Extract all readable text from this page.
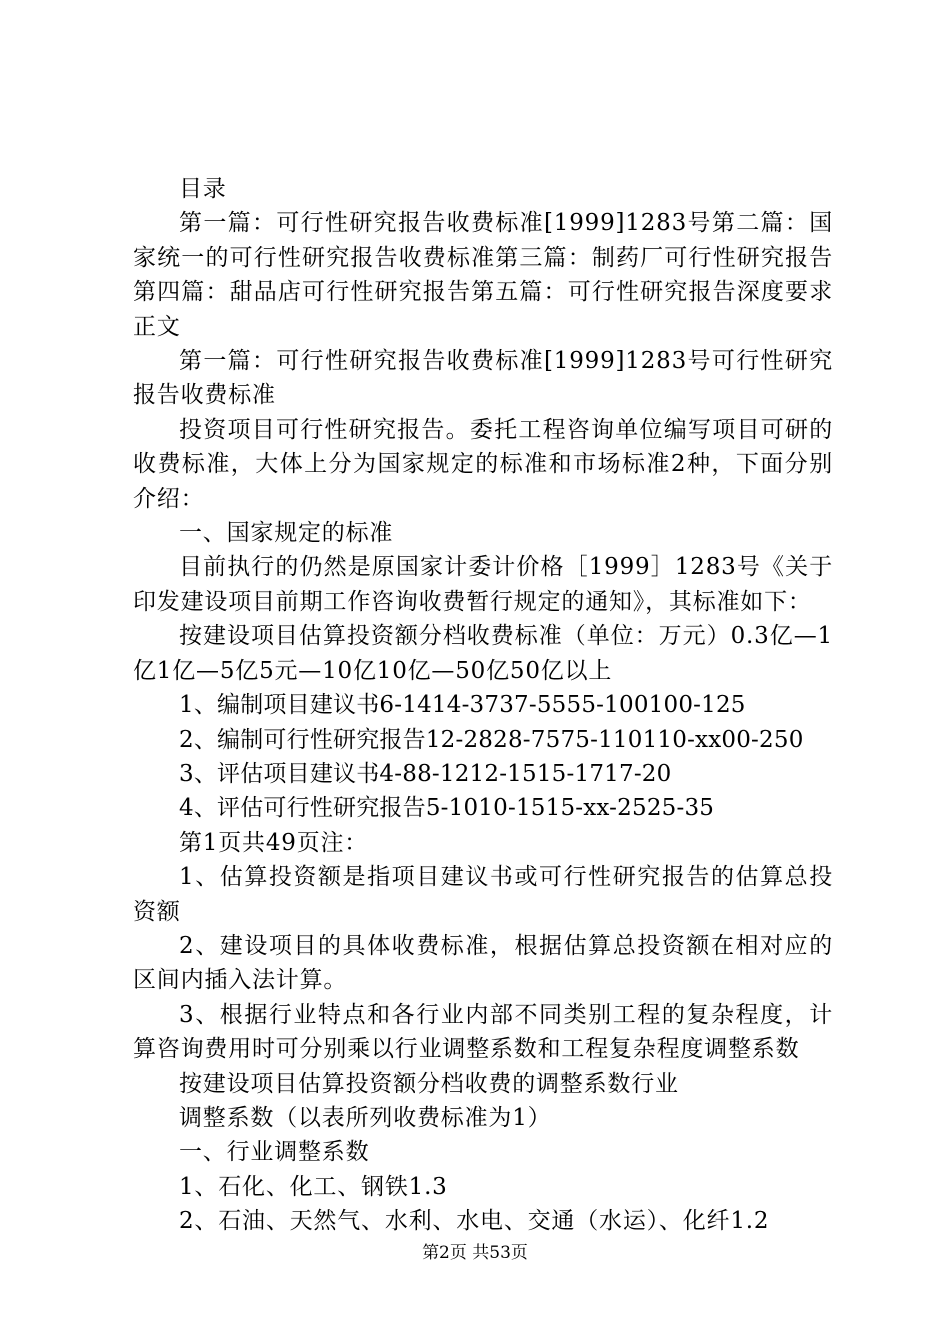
目录

第一篇：可行性研究报告收费标准[1999]1283号第二篇：国家统一的可行性研究报告收费标准第三篇：制药厂可行性研究报告第四篇：甜品店可行性研究报告第五篇：可行性研究报告深度要求正文

第一篇：可行性研究报告收费标准[1999]1283号可行性研究报告收费标准

投资项目可行性研究报告。委托工程咨询单位编写项目可研的收费标准，大体上分为国家规定的标准和市场标准2种，下面分别介绍：

一、国家规定的标准

目前执行的仍然是原国家计委计价格［1999］1283号《关于印发建设项目前期工作咨询收费暂行规定的通知》，其标准如下：

按建设项目估算投资额分档收费标准（单位：万元）0.3亿—1亿1亿—5亿5元—10亿10亿—50亿50亿以上

1、编制项目建议书6-1414-3737-5555-100100-125

2、编制可行性研究报告12-2828-7575-110110-xx00-250

3、评估项目建议书4-88-1212-1515-1717-20

4、评估可行性研究报告5-1010-1515-xx-2525-35

第1页共49页注：

1、估算投资额是指项目建议书或可行性研究报告的估算总投资额

2、建设项目的具体收费标准，根据估算总投资额在相对应的区间内插入法计算。

3、根据行业特点和各行业内部不同类别工程的复杂程度，计算咨询费用时可分别乘以行业调整系数和工程复杂程度调整系数

按建设项目估算投资额分档收费的调整系数行业

调整系数（以表所列收费标准为1）

一、行业调整系数

1、石化、化工、钢铁1.3

2、石油、天然气、水利、水电、交通（水运）、化纤1.2

第2页 共53页
